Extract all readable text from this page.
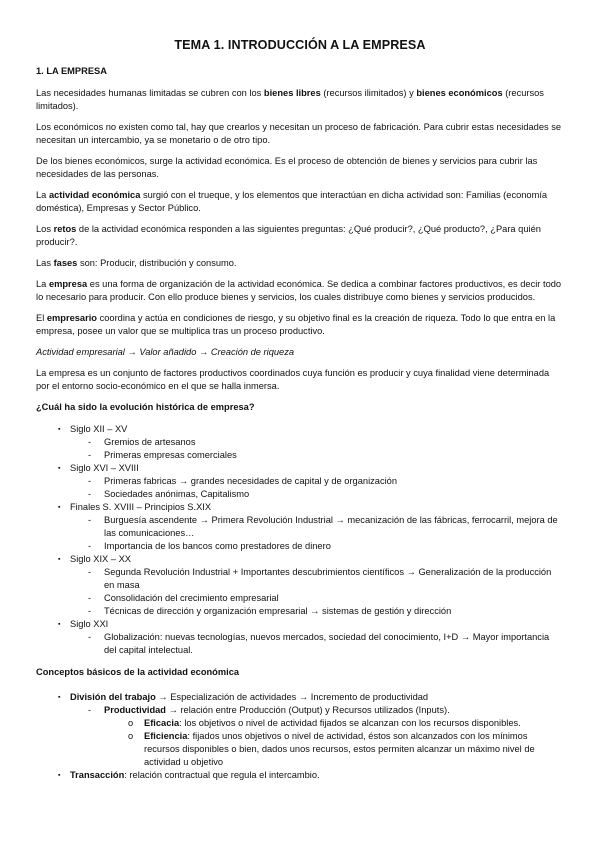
TEMA 1. INTRODUCCIÓN A LA EMPRESA
1. LA EMPRESA

Las necesidades humanas limitadas se cubren con los bienes libres (recursos ilimitados) y bienes económicos (recursos limitados).

Los económicos no existen como tal, hay que crearlos y necesitan un proceso de fabricación. Para cubrir estas necesidades se necesitan un intercambio, ya se monetario o de otro tipo.

De los bienes económicos, surge la actividad económica. Es el proceso de obtención de bienes y servicios para cubrir las necesidades de las personas.

La actividad económica surgió con el trueque, y los elementos que interactúan en dicha actividad son: Familias (economía doméstica), Empresas y Sector Público.

Los retos de la actividad económica responden a las siguientes preguntas: ¿Qué producir?, ¿Qué producto?, ¿Para quién producir?.

Las fases son: Producir, distribución y consumo.

La empresa es una forma de organización de la actividad económica. Se dedica a combinar factores productivos, es decir todo lo necesario para producir. Con ello produce bienes y servicios, los cuales distribuye como bienes y servicios producidos.

El empresario coordina y actúa en condiciones de riesgo, y su objetivo final es la creación de riqueza. Todo lo que entra en la empresa, posee un valor que se multiplica tras un proceso productivo.

Actividad empresarial → Valor añadido → Creación de riqueza

La empresa es un conjunto de factores productivos coordinados cuya función es producir y cuya finalidad viene determinada por el entorno socio-económico en el que se halla inmersa.

¿Cuál ha sido la evolución histórica de empresa?
▪ Siglo XII – XV
- Gremios de artesanos
- Primeras empresas comerciales
▪ Siglo XVI – XVIII
- Primeras fabricas → grandes necesidades de capital y de organización
- Sociedades anónimas, Capitalismo
▪ Finales S. XVIII – Principios S.XIX
- Burguesía ascendente → Primera Revolución Industrial → mecanización de las fábricas, ferrocarril, mejora de las comunicaciones…
- Importancia de los bancos como prestadores de dinero
▪ Siglo XIX – XX
- Segunda Revolución Industrial + Importantes descubrimientos científicos → Generalización de la producción en masa
- Consolidación del crecimiento empresarial
- Técnicas de dirección y organización empresarial → sistemas de gestión y dirección
▪ Siglo XXI
- Globalización: nuevas tecnologías, nuevos mercados, sociedad del conocimiento, I+D → Mayor importancia del capital intelectual.
Conceptos básicos de la actividad económica
▪ División del trabajo → Especialización de actividades → Incremento de productividad
- Productividad → relación entre Producción (Output) y Recursos utilizados (Inputs).
o Eficacia: los objetivos o nivel de actividad fijados se alcanzan con los recursos disponibles.
o Eficiencia: fijados unos objetivos o nivel de actividad, éstos son alcanzados con los mínimos recursos disponibles o bien, dados unos recursos, estos permiten alcanzar un máximo nivel de actividad u objetivo
▪ Transacción: relación contractual que regula el intercambio.
